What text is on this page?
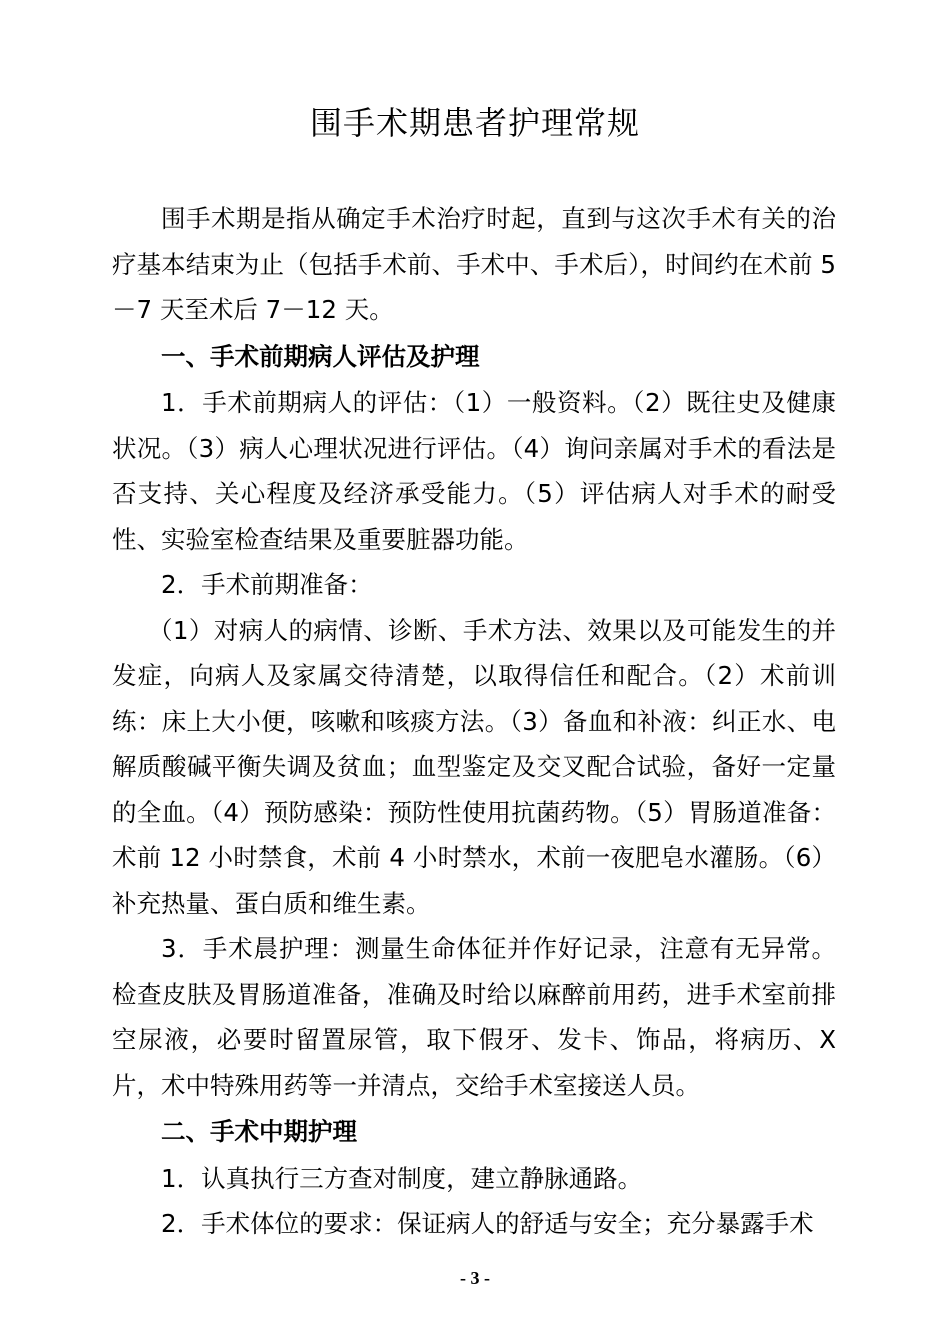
围手术期患者护理常规

围手术期是指从确定手术治疗时起，直到与这次手术有关的治疗基本结束为止（包括手术前、手术中、手术后），时间约在术前 5－7 天至术后 7－12 天。

一、手术前期病人评估及护理

1．手术前期病人的评估：（1）一般资料。（2）既往史及健康状况。（3）病人心理状况进行评估。（4）询问亲属对手术的看法是否支持、关心程度及经济承受能力。（5）评估病人对手术的耐受性、实验室检查结果及重要脏器功能。

2．手术前期准备：

（1）对病人的病情、诊断、手术方法、效果以及可能发生的并发症，向病人及家属交待清楚，以取得信任和配合。（2）术前训练：床上大小便，咳嗽和咳痰方法。（3）备血和补液：纠正水、电解质酸碱平衡失调及贫血；血型鉴定及交叉配合试验，备好一定量的全血。（4）预防感染：预防性使用抗菌药物。（5）胃肠道准备： 术前 12 小时禁食，术前 4 小时禁水，术前一夜肥皂水灌肠。（6）补充热量、蛋白质和维生素。

3．手术晨护理：测量生命体征并作好记录，注意有无异常。检查皮肤及胃肠道准备，准确及时给以麻醉前用药，进手术室前排空尿液，必要时留置尿管，取下假牙、发卡、饰品，将病历、X 片，术中特殊用药等一并清点，交给手术室接送人员。

二、手术中期护理

1．认真执行三方查对制度，建立静脉通路。

2．手术体位的要求：保证病人的舒适与安全；充分暴露手术

- 3 -
